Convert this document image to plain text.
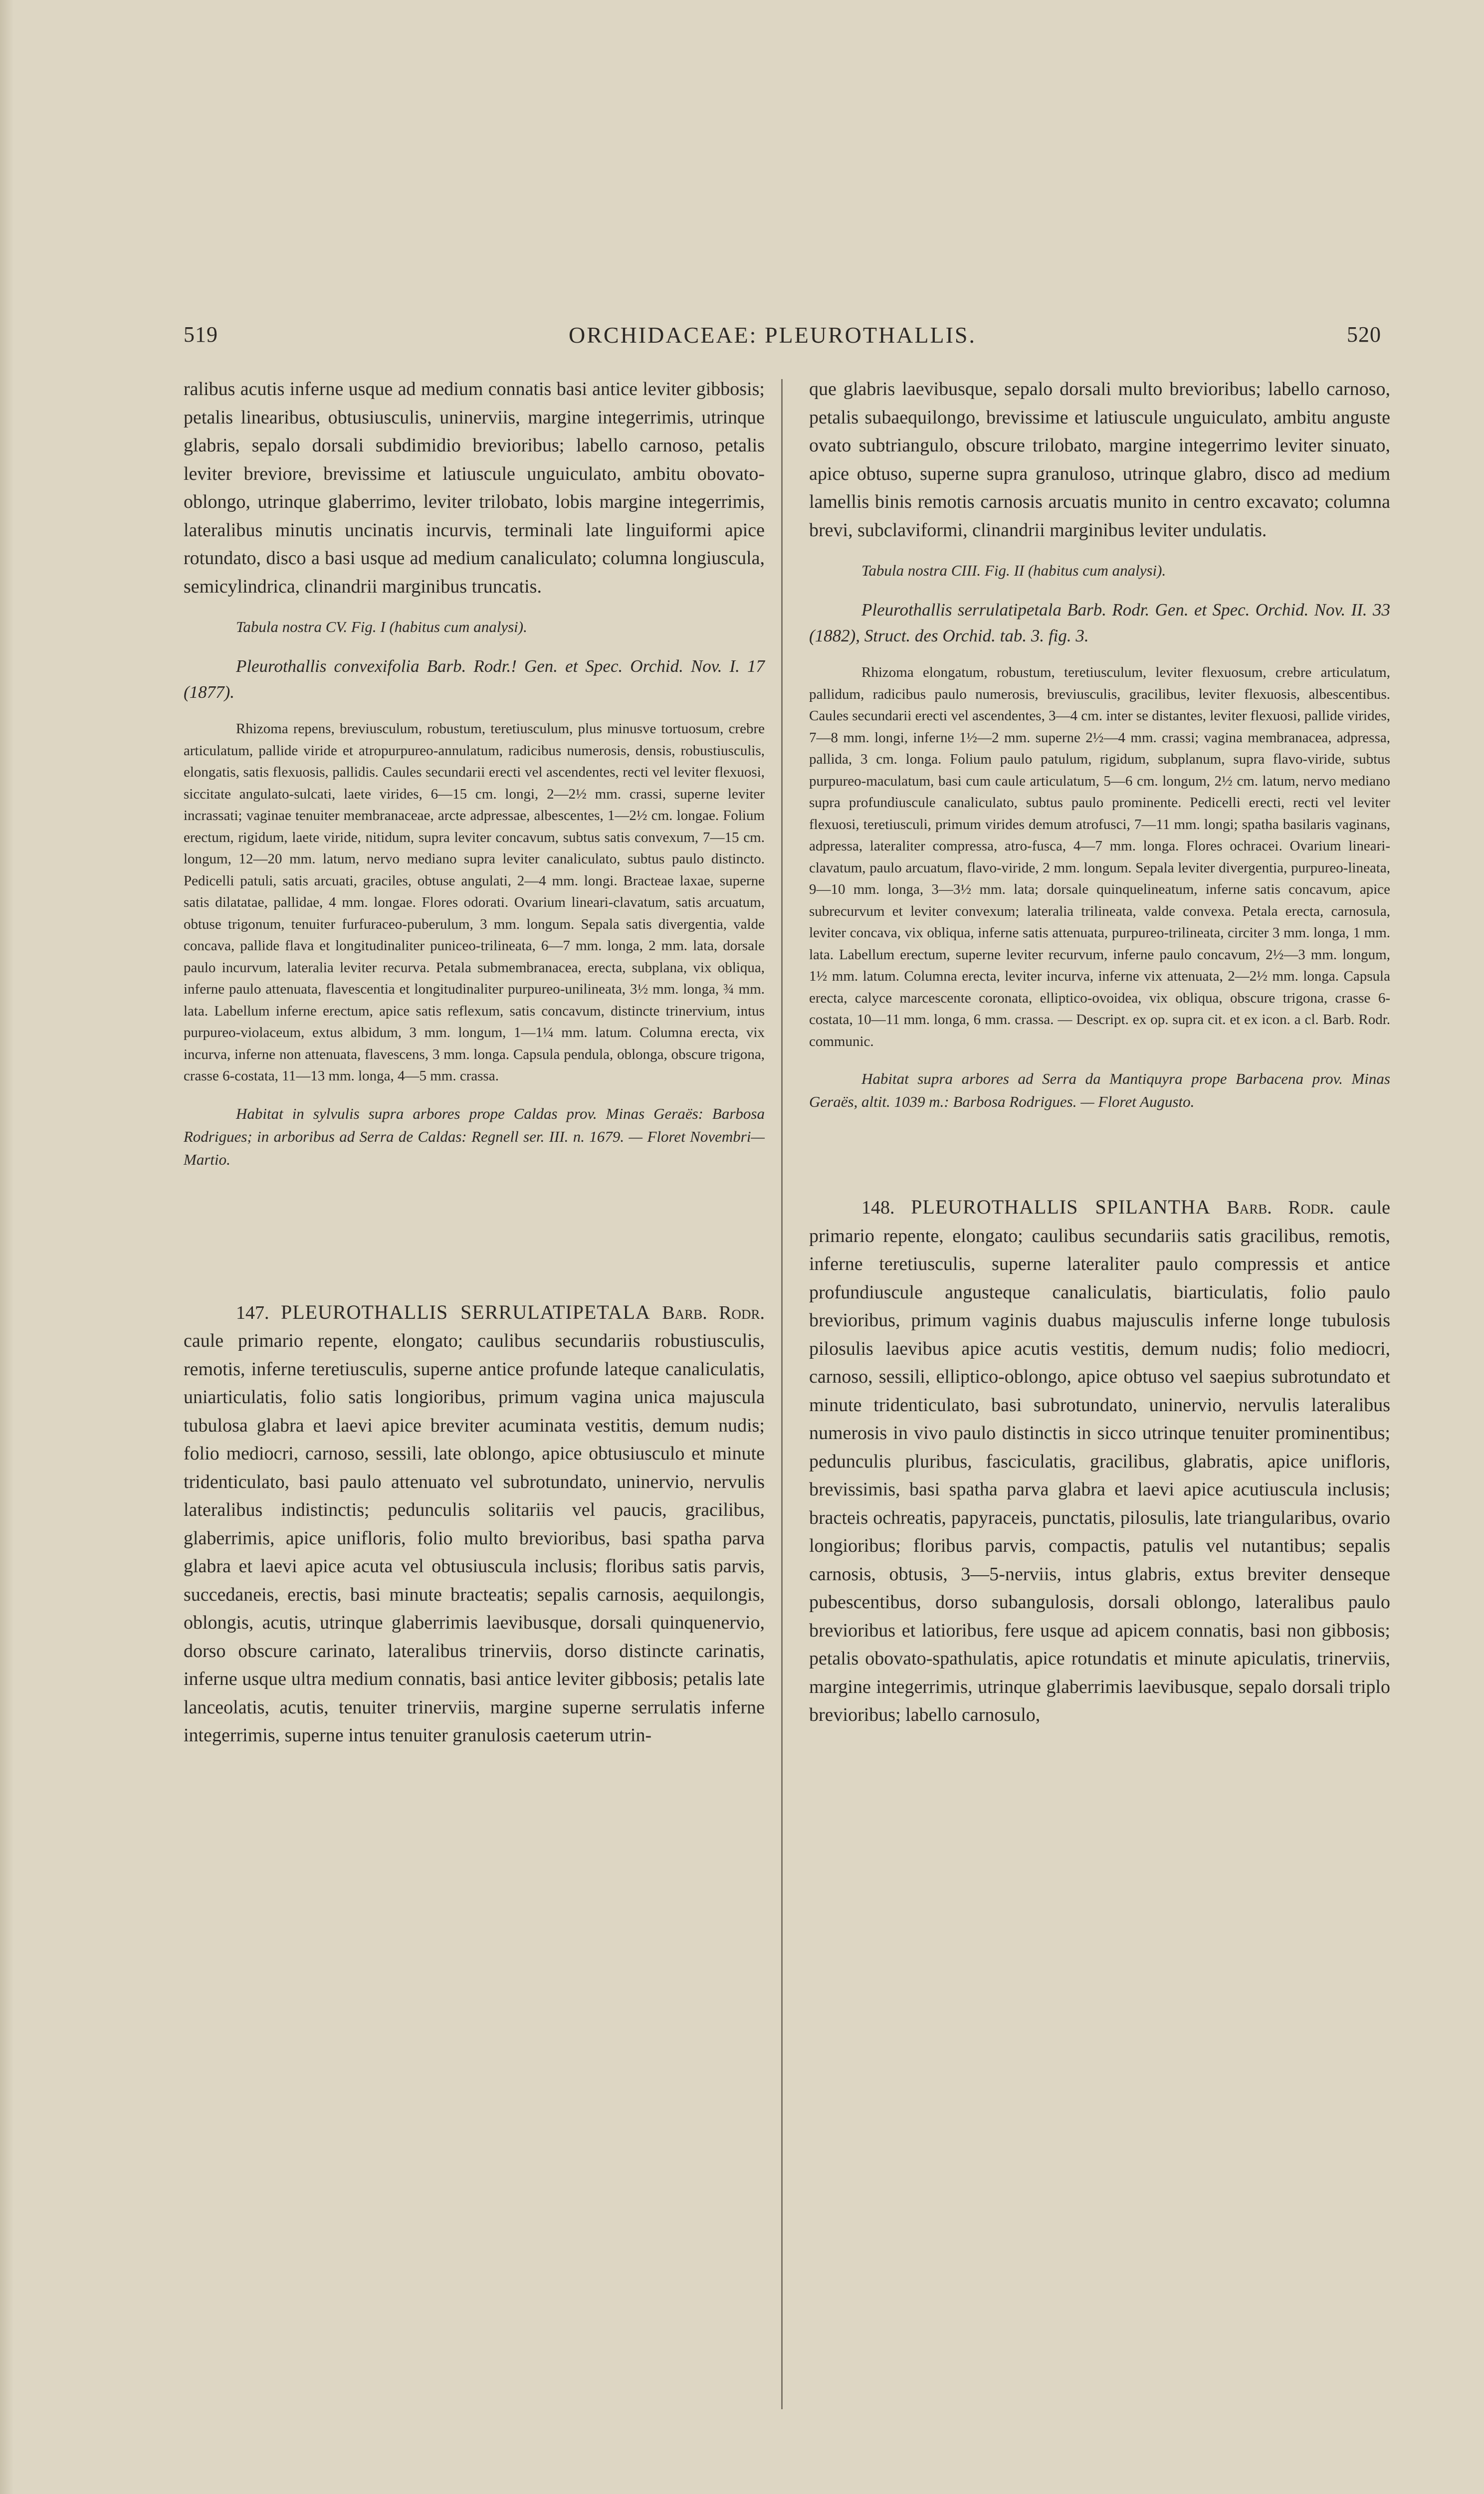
519	ORCHIDACEAE: PLEUROTHALLIS.	520

ralibus acutis inferne usque ad medium connatis basi antice leviter gibbosis; petalis linearibus, obtusiusculis, uninerviis, margine integerrimis, utrinque glabris, sepalo dorsali subdimidio brevioribus; labello carnoso, petalis leviter breviore, brevissime et latiuscule unguiculato, ambitu obovato-oblongo, utrinque glaberrimo, leviter trilobato, lobis margine integerrimis, lateralibus minutis uncinatis incurvis, terminali late linguiformi apice rotundato, disco a basi usque ad medium canaliculato; columna longiuscula, semicylindrica, clinandrii marginibus truncatis.

Tabula nostra CV. Fig. I (habitus cum analysi).

Pleurothallis convexifolia Barb. Rodr.! Gen. et Spec. Orchid. Nov. I. 17 (1877).

Rhizoma repens, breviusculum, robustum, teretiusculum, plus minusve tortuosum, crebre articulatum, pallide viride et atropurpureo-annulatum, radicibus numerosis, densis, robustiusculis, elongatis, satis flexuosis, pallidis. Caules secundarii erecti vel ascendentes, recti vel leviter flexuosi, siccitate angulato-sulcati, laete virides, 6—15 cm. longi, 2—2½ mm. crassi, superne leviter incrassati; vaginae tenuiter membranaceae, arcte adpressae, albescentes, 1—2½ cm. longae. Folium erectum, rigidum, laete viride, nitidum, supra leviter concavum, subtus satis convexum, 7—15 cm. longum, 12—20 mm. latum, nervo mediano supra leviter canaliculato, subtus paulo distincto. Pedicelli patuli, satis arcuati, graciles, obtuse angulati, 2—4 mm. longi. Bracteae laxae, superne satis dilatatae, pallidae, 4 mm. longae. Flores odorati. Ovarium lineari-clavatum, satis arcuatum, obtuse trigonum, tenuiter furfuraceo-puberulum, 3 mm. longum. Sepala satis divergentia, valde concava, pallide flava et longitudinaliter puniceo-trilineata, 6—7 mm. longa, 2 mm. lata, dorsale paulo incurvum, lateralia leviter recurva. Petala submembranacea, erecta, subplana, vix obliqua, inferne paulo attenuata, flavescentia et longitudinaliter purpureo-unilineata, 3½ mm. longa, ¾ mm. lata. Labellum inferne erectum, apice satis reflexum, satis concavum, distincte trinervium, intus purpureo-violaceum, extus albidum, 3 mm. longum, 1—1¼ mm. latum. Columna erecta, vix incurva, inferne non attenuata, flavescens, 3 mm. longa. Capsula pendula, oblonga, obscure trigona, crasse 6-costata, 11—13 mm. longa, 4—5 mm. crassa.

Habitat in sylvulis supra arbores prope Caldas prov. Minas Geraës: Barbosa Rodrigues; in arboribus ad Serra de Caldas: Regnell ser. III. n. 1679. — Floret Novembri—Martio.

147. PLEUROTHALLIS SERRULATIPETALA Barb. Rodr. caule primario repente, elongato; caulibus secundariis robustiusculis, remotis, inferne teretiusculis, superne antice profunde lateque canaliculatis, uniarticulatis, folio satis longioribus, primum vagina unica majuscula tubulosa glabra et laevi apice breviter acuminata vestitis, demum nudis; folio mediocri, carnoso, sessili, late oblongo, apice obtusiusculo et minute tridenticulato, basi paulo attenuato vel subrotundato, uninervio, nervulis lateralibus indistinctis; pedunculis solitariis vel paucis, gracilibus, glaberrimis, apice unifloris, folio multo brevioribus, basi spatha parva glabra et laevi apice acuta vel obtusiuscula inclusis; floribus satis parvis, succedaneis, erectis, basi minute bracteatis; sepalis carnosis, aequilongis, oblongis, acutis, utrinque glaberrimis laevibusque, dorsali quinquenervio, dorso obscure carinato, lateralibus trinerviis, dorso distincte carinatis, inferne usque ultra medium connatis, basi antice leviter gibbosis; petalis late lanceolatis, acutis, tenuiter trinerviis, margine superne serrulatis inferne integerrimis, superne intus tenuiter granulosis caeterum utrin-

que glabris laevibusque, sepalo dorsali multo brevioribus; labello carnoso, petalis subaequilongo, brevissime et latiuscule unguiculato, ambitu anguste ovato subtriangulo, obscure trilobato, margine integerrimo leviter sinuato, apice obtuso, superne supra granuloso, utrinque glabro, disco ad medium lamellis binis remotis carnosis arcuatis munito in centro excavato; columna brevi, subclaviformi, clinandrii marginibus leviter undulatis.

Tabula nostra CIII. Fig. II (habitus cum analysi).

Pleurothallis serrulatipetala Barb. Rodr. Gen. et Spec. Orchid. Nov. II. 33 (1882), Struct. des Orchid. tab. 3. fig. 3.

Rhizoma elongatum, robustum, teretiusculum, leviter flexuosum, crebre articulatum, pallidum, radicibus paulo numerosis, breviusculis, gracilibus, leviter flexuosis, albescentibus. Caules secundarii erecti vel ascendentes, 3—4 cm. inter se distantes, leviter flexuosi, pallide virides, 7—8 mm. longi, inferne 1½—2 mm. superne 2½—4 mm. crassi; vagina membranacea, adpressa, pallida, 3 cm. longa. Folium paulo patulum, rigidum, subplanum, supra flavo-viride, subtus purpureo-maculatum, basi cum caule articulatum, 5—6 cm. longum, 2½ cm. latum, nervo mediano supra profundiuscule canaliculato, subtus paulo prominente. Pedicelli erecti, recti vel leviter flexuosi, teretiusculi, primum virides demum atrofusci, 7—11 mm. longi; spatha basilaris vaginans, adpressa, lateraliter compressa, atro-fusca, 4—7 mm. longa. Flores ochracei. Ovarium lineari-clavatum, paulo arcuatum, flavo-viride, 2 mm. longum. Sepala leviter divergentia, purpureo-lineata, 9—10 mm. longa, 3—3½ mm. lata; dorsale quinquelineatum, inferne satis concavum, apice subrecurvum et leviter convexum; lateralia trilineata, valde convexa. Petala erecta, carnosula, leviter concava, vix obliqua, inferne satis attenuata, purpureo-trilineata, circiter 3 mm. longa, 1 mm. lata. Labellum erectum, superne leviter recurvum, inferne paulo concavum, 2½—3 mm. longum, 1½ mm. latum. Columna erecta, leviter incurva, inferne vix attenuata, 2—2½ mm. longa. Capsula erecta, calyce marcescente coronata, elliptico-ovoidea, vix obliqua, obscure trigona, crasse 6-costata, 10—11 mm. longa, 6 mm. crassa. — Descript. ex op. supra cit. et ex icon. a cl. Barb. Rodr. communic.

Habitat supra arbores ad Serra da Mantiquyra prope Barbacena prov. Minas Geraës, altit. 1039 m.: Barbosa Rodrigues. — Floret Augusto.

148. PLEUROTHALLIS SPILANTHA Barb. Rodr. caule primario repente, elongato; caulibus secundariis satis gracilibus, remotis, inferne teretiusculis, superne lateraliter paulo compressis et antice profundiuscule angusteque canaliculatis, biarticulatis, folio paulo brevioribus, primum vaginis duabus majusculis inferne longe tubulosis pilosulis laevibus apice acutis vestitis, demum nudis; folio mediocri, carnoso, sessili, elliptico-oblongo, apice obtuso vel saepius subrotundato et minute tridenticulato, basi subrotundato, uninervio, nervulis lateralibus numerosis in vivo paulo distinctis in sicco utrinque tenuiter prominentibus; pedunculis pluribus, fasciculatis, gracilibus, glabratis, apice unifloris, brevissimis, basi spatha parva glabra et laevi apice acutiuscula inclusis; bracteis ochreatis, papyraceis, punctatis, pilosulis, late triangularibus, ovario longioribus; floribus parvis, compactis, patulis vel nutantibus; sepalis carnosis, obtusis, 3—5-nerviis, intus glabris, extus breviter denseque pubescentibus, dorso subangulosis, dorsali oblongo, lateralibus paulo brevioribus et latioribus, fere usque ad apicem connatis, basi non gibbosis; petalis obovato-spathulatis, apice rotundatis et minute apiculatis, trinerviis, margine integerrimis, utrinque glaberrimis laevibusque, sepalo dorsali triplo brevioribus; labello carnosulo,
